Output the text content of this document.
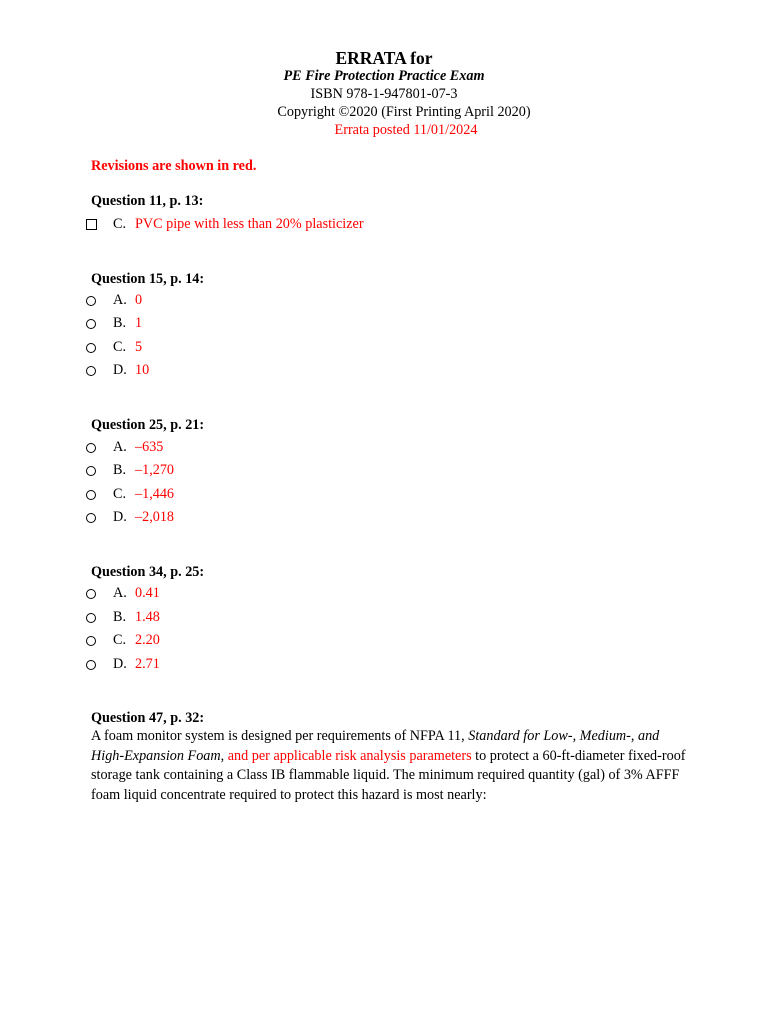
ERRATA for
PE Fire Protection Practice Exam
ISBN 978-1-947801-07-3
Copyright ©2020 (First Printing April 2020)
Errata posted 11/01/2024
Revisions are shown in red.
Question 11, p. 13:
C. PVC pipe with less than 20% plasticizer
Question 15, p. 14:
A. 0
B. 1
C. 5
D. 10
Question 25, p. 21:
A. –635
B. –1,270
C. –1,446
D. –2,018
Question 34, p. 25:
A. 0.41
B. 1.48
C. 2.20
D. 2.71
Question 47, p. 32:
A foam monitor system is designed per requirements of NFPA 11, Standard for Low-, Medium-, and High-Expansion Foam, and per applicable risk analysis parameters to protect a 60-ft-diameter fixed-roof storage tank containing a Class IB flammable liquid. The minimum required quantity (gal) of 3% AFFF foam liquid concentrate required to protect this hazard is most nearly:
